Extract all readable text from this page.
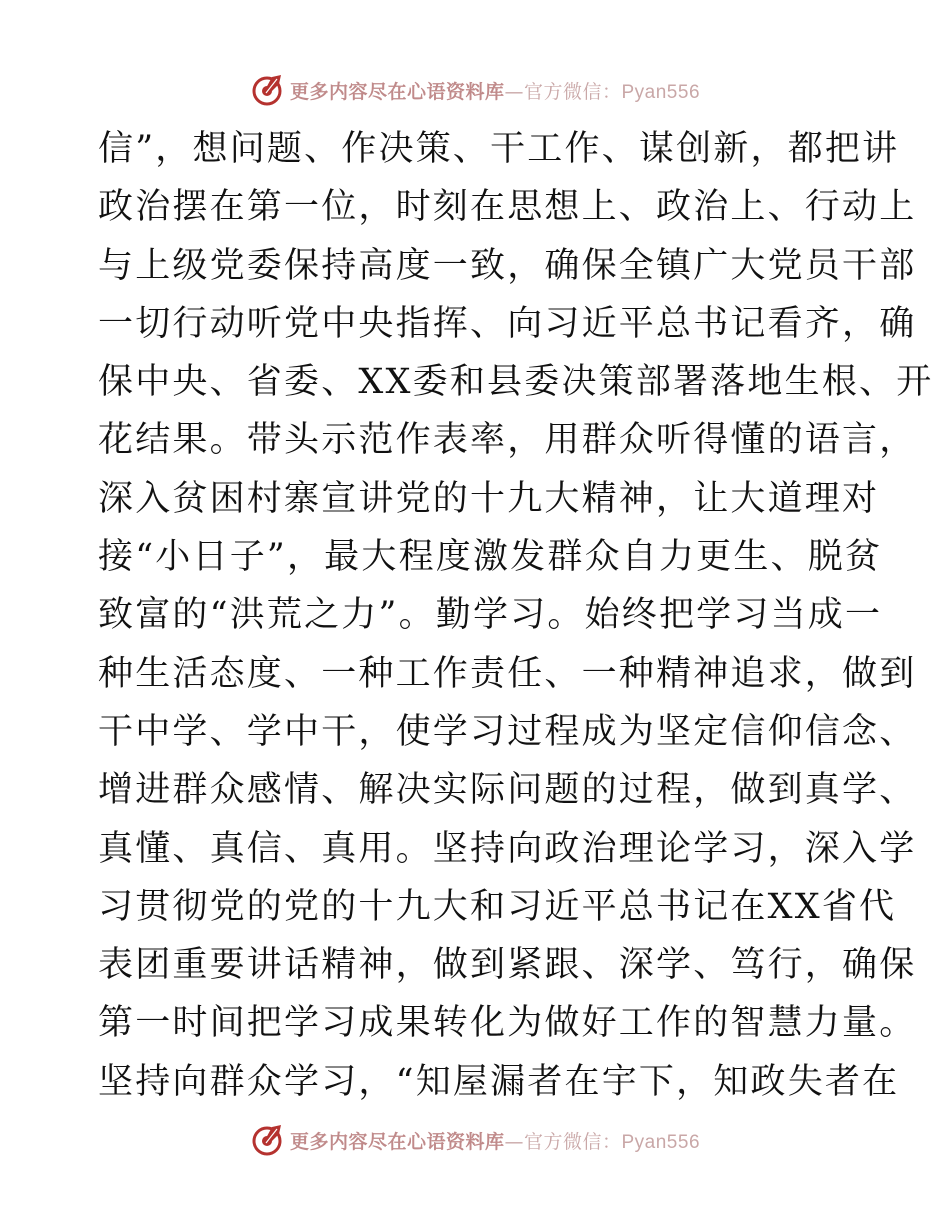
更多内容尽在心语资料库—官方微信：Pyan556
信”，想问题、作决策、干工作、谋创新，都把讲
政治摆在第一位，时刻在思想上、政治上、行动上
与上级党委保持高度一致，确保全镇广大党员干部
一切行动听党中央指挥、向习近平总书记看齐，确
保中央、省委、XX委和县委决策部署落地生根、开
花结果。带头示范作表率，用群众听得懂的语言，
深入贫困村寨宣讲党的十九大精神，让大道理对
接“小日子”，最大程度激发群众自力更生、脱贫
致富的“洪荒之力”。勤学习。始终把学习当成一
种生活态度、一种工作责任、一种精神追求，做到
干中学、学中干，使学习过程成为坚定信仰信念、
增进群众感情、解决实际问题的过程，做到真学、
真懂、真信、真用。坚持向政治理论学习，深入学
习贯彻党的党的十九大和习近平总书记在XX省代
表团重要讲话精神，做到紧跟、深学、笃行，确保
第一时间把学习成果转化为做好工作的智慧力量。
坚持向群众学习，“知屋漏者在宇下，知政失者在
更多内容尽在心语资料库—官方微信：Pyan556
